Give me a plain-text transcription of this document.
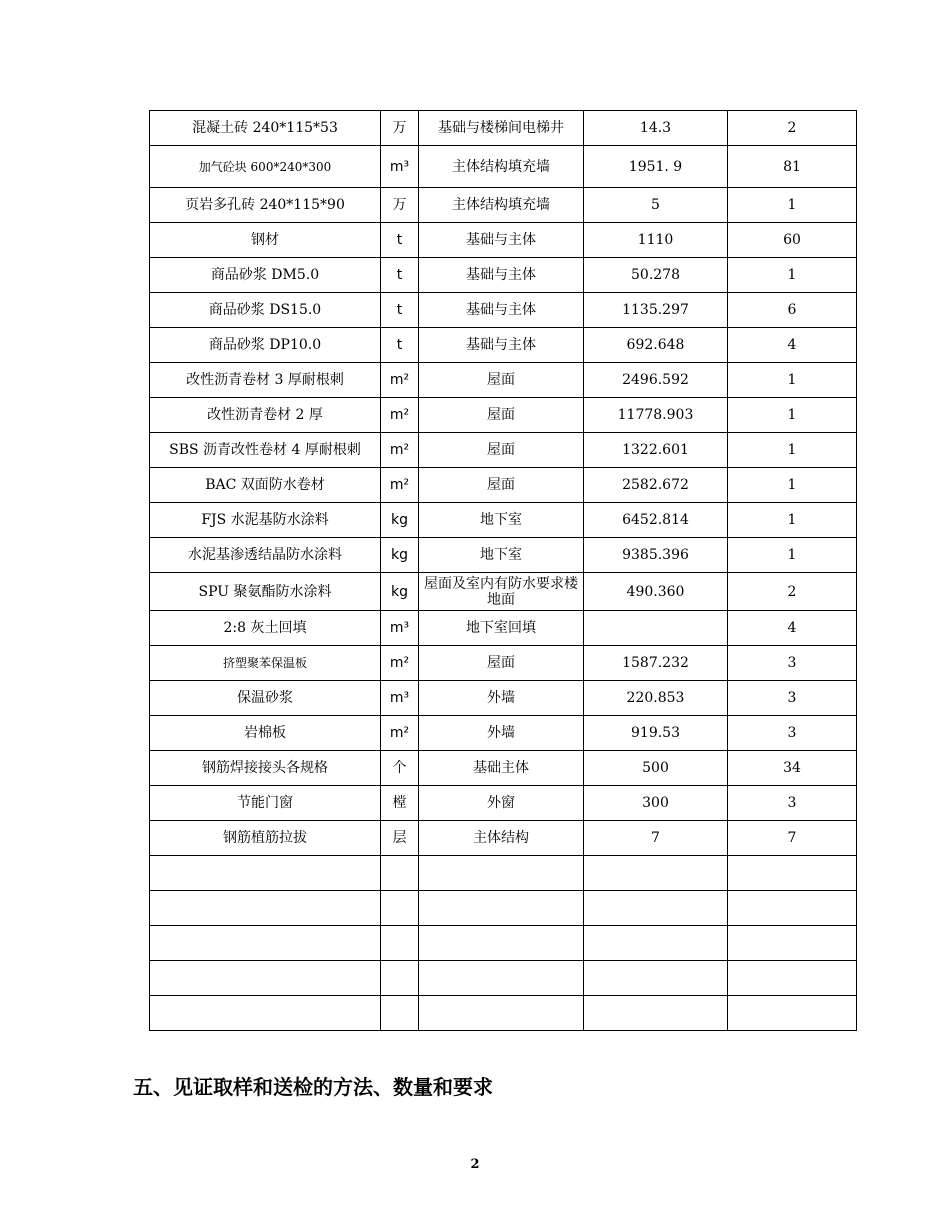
混凝土砖 240*115*53	万	基础与楼梯间电梯井	14.3	2
加气砼块 600*240*300	m³	主体结构填充墙	1951. 9	81
页岩多孔砖 240*115*90	万	主体结构填充墙	5	1
钢材	t	基础与主体	1110	60
商品砂浆 DM5.0	t	基础与主体	50.278	1
商品砂浆 DS15.0	t	基础与主体	1135.297	6
商品砂浆 DP10.0	t	基础与主体	692.648	4
改性沥青卷材 3 厚耐根刺	m²	屋面	2496.592	1
改性沥青卷材 2 厚	m²	屋面	11778.903	1
SBS 沥青改性卷材 4 厚耐根刺	m²	屋面	1322.601	1
BAC 双面防水卷材	m²	屋面	2582.672	1
FJS 水泥基防水涂料	kg	地下室	6452.814	1
水泥基渗透结晶防水涂料	kg	地下室	9385.396	1
SPU 聚氨酯防水涂料	kg	屋面及室内有防水要求楼地面	490.360	2
2:8 灰土回填	m³	地下室回填		4
挤塑聚苯保温板	m²	屋面	1587.232	3
保温砂浆	m³	外墙	220.853	3
岩棉板	m²	外墙	919.53	3
钢筋焊接接头各规格	个	基础主体	500	34
节能门窗	樘	外窗	300	3
钢筋植筋拉拔	层	主体结构	7	7

五、见证取样和送检的方法、数量和要求
2
